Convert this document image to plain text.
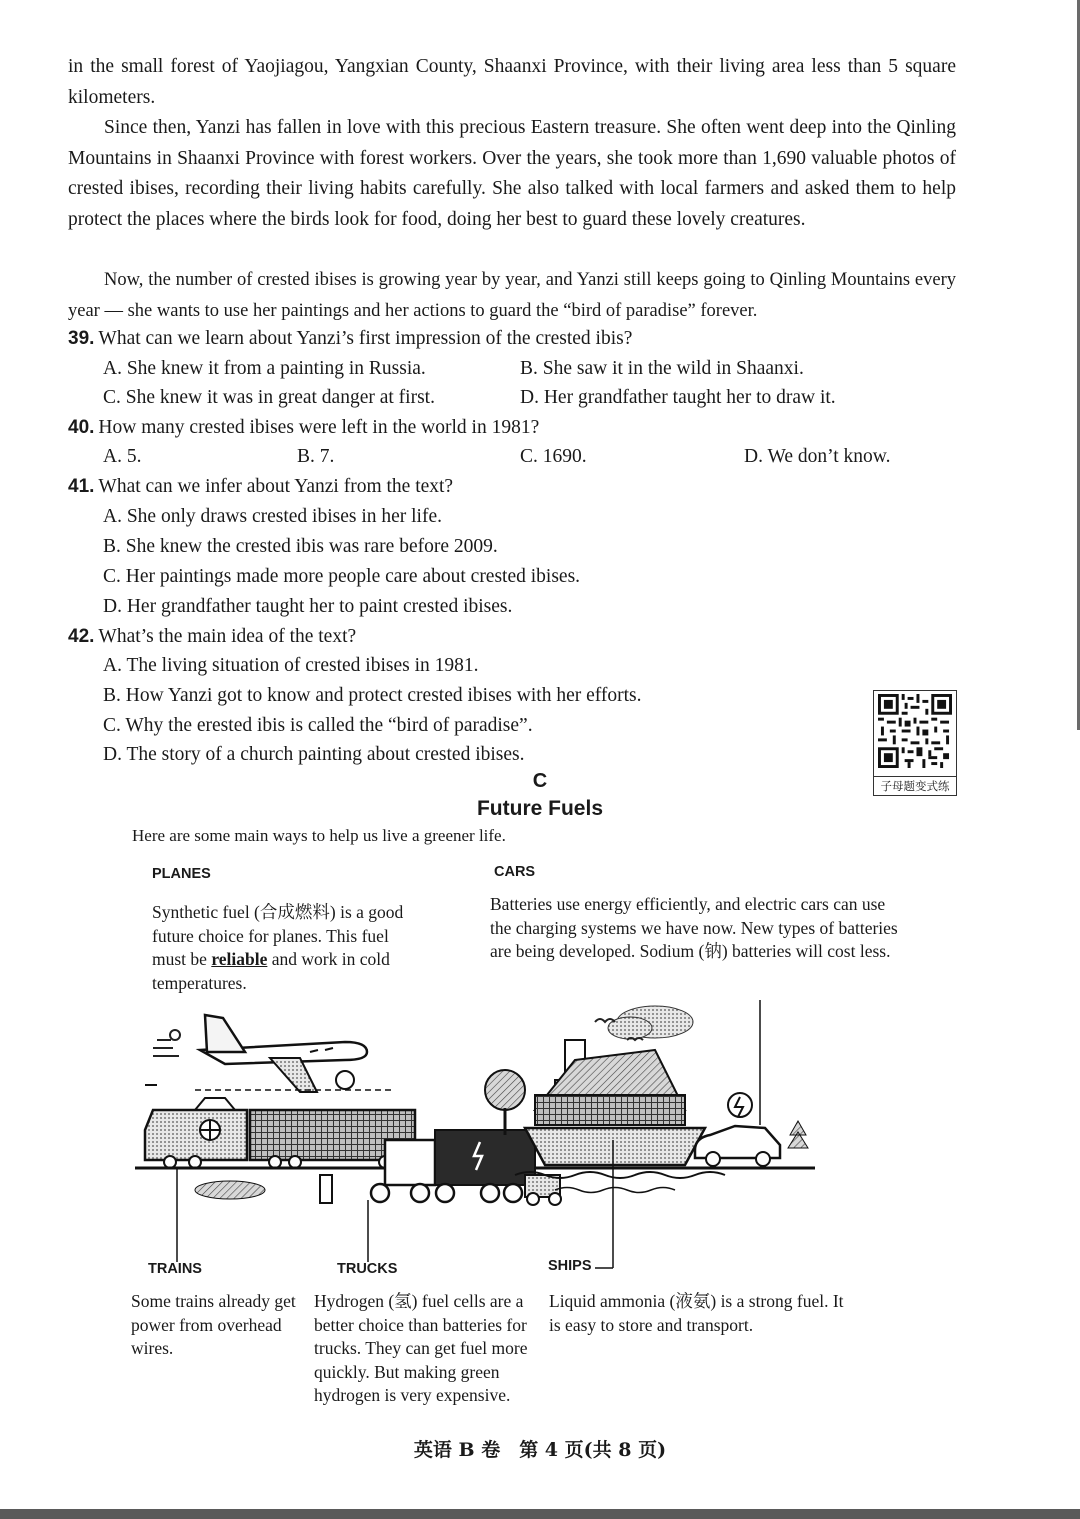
in the small forest of Yaojiagou, Yangxian County, Shaanxi Province, with their living area less than 5 square kilometers.
Since then, Yanzi has fallen in love with this precious Eastern treasure. She often went deep into the Qinling Mountains in Shaanxi Province with forest workers. Over the years, she took more than 1,690 valuable photos of crested ibises, recording their living habits carefully. She also talked with local farmers and asked them to help protect the places where the birds look for food, doing her best to guard these lovely creatures.
Now, the number of crested ibises is growing year by year, and Yanzi still keeps going to Qinling Mountains every year — she wants to use her paintings and her actions to guard the “bird of paradise” forever.
39. What can we learn about Yanzi’s first impression of the crested ibis?
A. She knew it from a painting in Russia.	B. She saw it in the wild in Shaanxi.
C. She knew it was in great danger at first.	D. Her grandfather taught her to draw it.
40. How many crested ibises were left in the world in 1981?
A. 5.	B. 7.	C. 1690.	D. We don’t know.
41. What can we infer about Yanzi from the text?
A. She only draws crested ibises in her life.
B. She knew the crested ibis was rare before 2009.
C. Her paintings made more people care about crested ibises.
D. Her grandfather taught her to paint crested ibises.
42. What’s the main idea of the text?
A. The living situation of crested ibises in 1981.
B. How Yanzi got to know and protect crested ibises with her efforts.
C. Why the erested ibis is called the “bird of paradise”.
D. The story of a church painting about crested ibises.
子母题变式练
C
Future Fuels
Here are some main ways to help us live a greener life.
PLANES
Synthetic fuel (合成燃料) is a good future choice for planes. This fuel must be reliable and work in cold temperatures.
CARS
Batteries use energy efficiently, and electric cars can use the charging systems we have now. New types of batteries are being developed. Sodium (钠) batteries will cost less.
TRAINS
Some trains already get power from overhead wires.
TRUCKS
Hydrogen (氢) fuel cells are a better choice than batteries for trucks. They can get fuel more quickly. But making green hydrogen is very expensive.
SHIPS
Liquid ammonia (液氨) is a strong fuel. It is easy to store and transport.
英语 B 卷　第 4 页(共 8 页)
